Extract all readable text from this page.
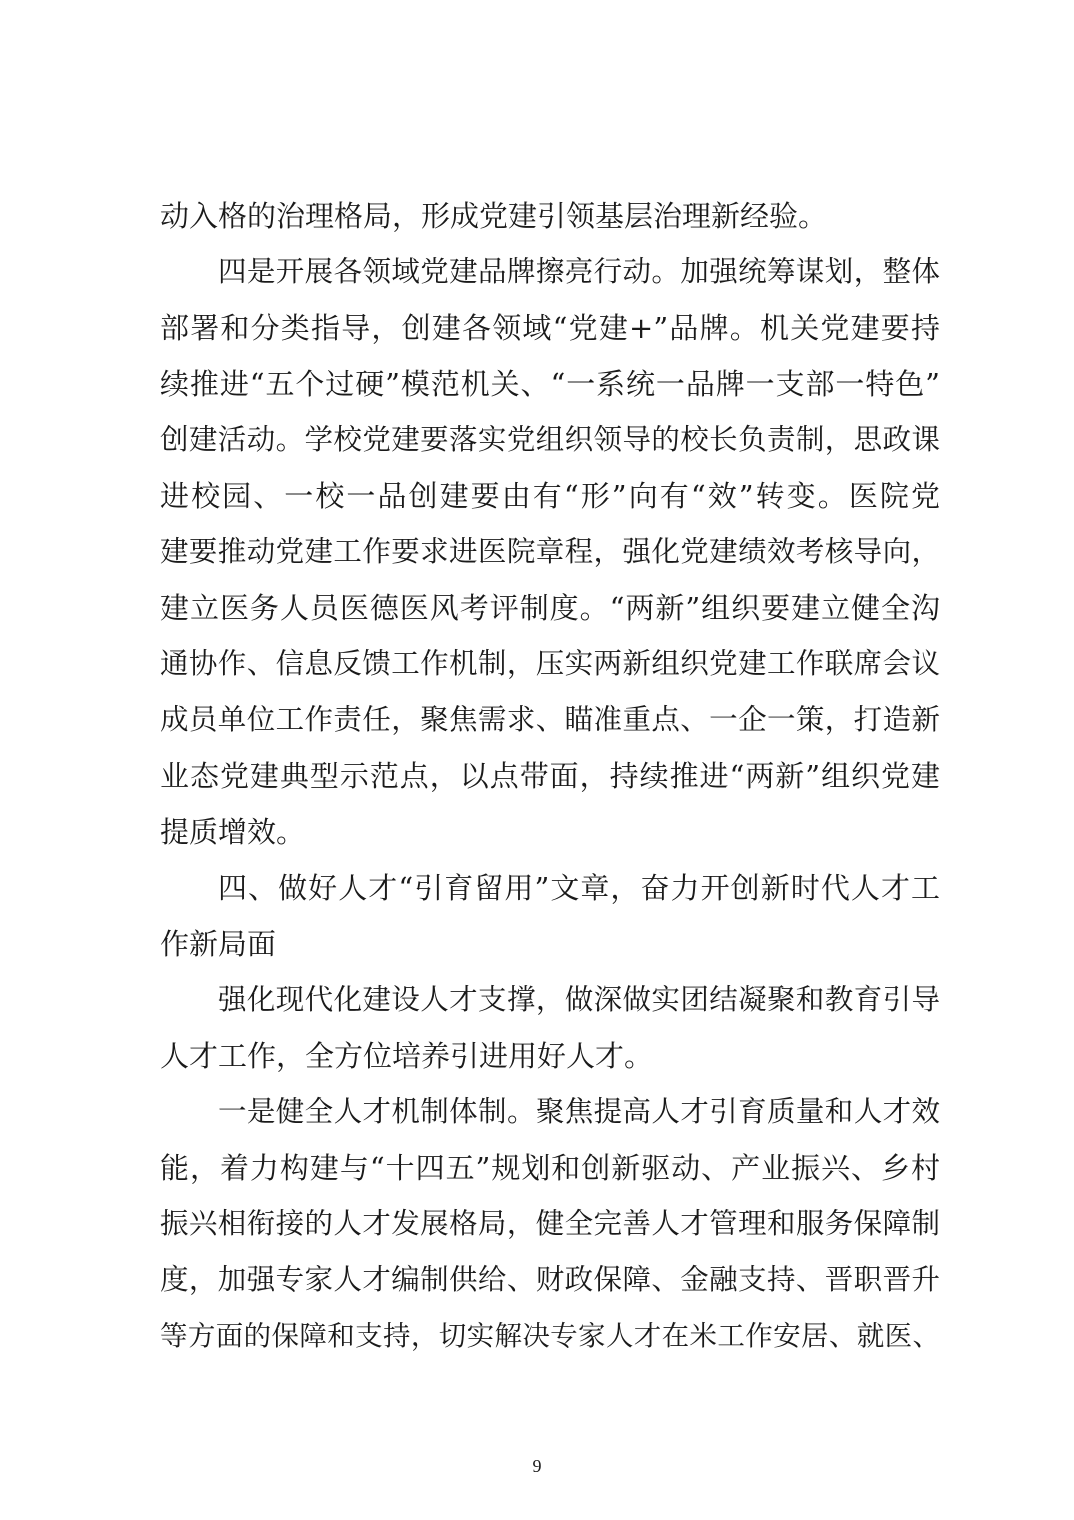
动入格的治理格局，形成党建引领基层治理新经验。
四是开展各领域党建品牌擦亮行动。加强统筹谋划，整体
部署和分类指导，创建各领域“党建+”品牌。机关党建要持
续推进“五个过硬”模范机关、“一系统一品牌一支部一特色”
创建活动。学校党建要落实党组织领导的校长负责制，思政课
进校园、一校一品创建要由有“形”向有“效”转变。医院党
建要推动党建工作要求进医院章程，强化党建绩效考核导向，
建立医务人员医德医风考评制度。“两新”组织要建立健全沟
通协作、信息反馈工作机制，压实两新组织党建工作联席会议
成员单位工作责任，聚焦需求、瞄准重点、一企一策，打造新
业态党建典型示范点，以点带面，持续推进“两新”组织党建
提质增效。
四、做好人才“引育留用”文章，奋力开创新时代人才工
作新局面
强化现代化建设人才支撑，做深做实团结凝聚和教育引导
人才工作，全方位培养引进用好人才。
一是健全人才机制体制。聚焦提高人才引育质量和人才效
能，着力构建与“十四五”规划和创新驱动、产业振兴、乡村
振兴相衔接的人才发展格局，健全完善人才管理和服务保障制
度，加强专家人才编制供给、财政保障、金融支持、晋职晋升
等方面的保障和支持，切实解决专家人才在米工作安居、就医、
9
